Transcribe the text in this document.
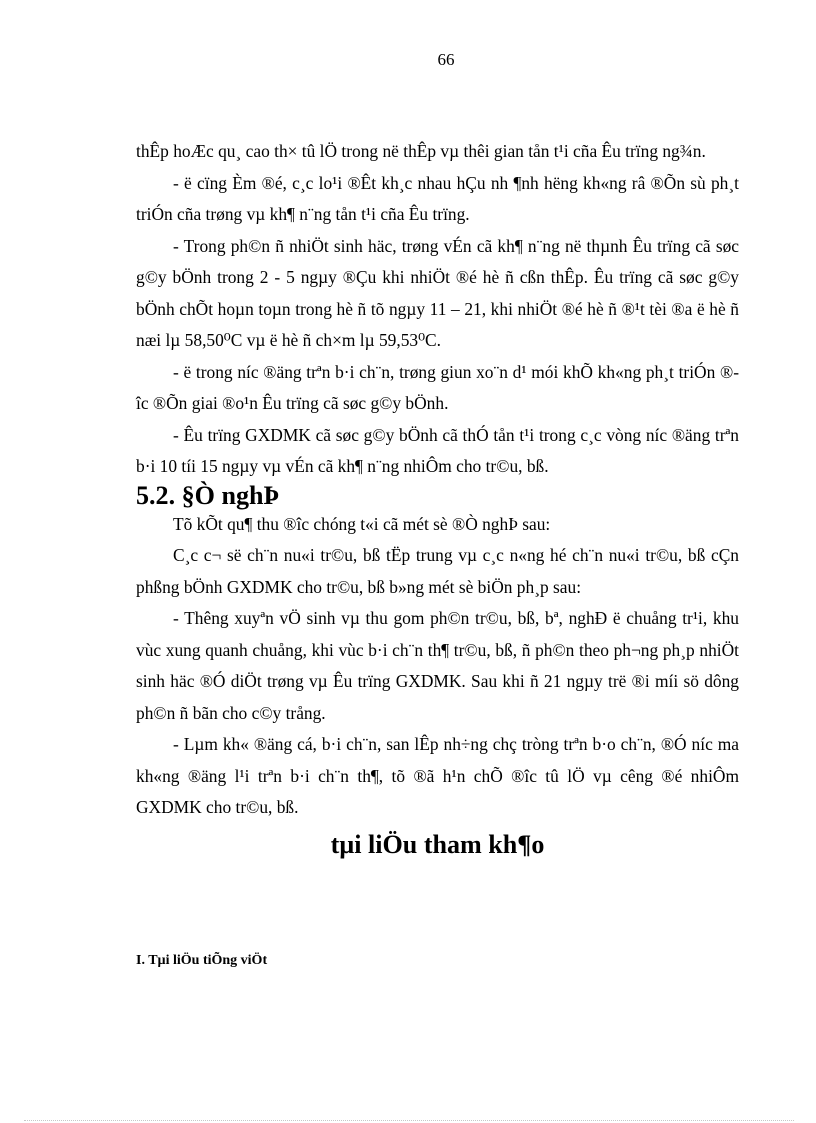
66

thÊp hoÆc qu¸ cao th× tû lÖ trong në thÊp vµ thêi gian tån t¹i cña Êu trïng ng¾n.

- ë cïng Èm ®é, c¸c lo¹i ®Êt kh¸c nhau hÇu nh ¶nh hëng kh«ng râ ®Õn sù ph¸t triÓn cña trøng vµ kh¶ n¨ng tån t¹i cña Êu trïng.

- Trong ph©n ñ nhiÖt sinh häc, trøng vÉn cã kh¶ n¨ng në thµnh Êu trïng cã søc g©y bÖnh trong 2 - 5 ngµy ®Çu khi nhiÖt ®é hè ñ cßn thÊp. Êu trïng cã søc g©y bÖnh chÕt hoµn toµn trong hè ñ tõ ngµy 11 – 21, khi nhiÖt ®é hè ñ ®¹t tèi ®a ë hè ñ næi lµ 58,50⁰C vµ ë hè ñ ch×m lµ 59,53⁰C.

- ë trong níc ®äng trªn b·i ch¨n, trøng giun xo¨n d¹ mói khÕ kh«ng ph¸t triÓn ®îc ®Õn giai ®o¹n Êu trïng cã søc g©y bÖnh.

- Êu trïng GXDMK cã søc g©y bÖnh cã thÓ tån t¹i trong c¸c vòng níc ®äng trªn b·i 10 tíi 15 ngµy vµ vÉn cã kh¶ n¨ng nhiÔm cho tr©u, bß.

5.2. §Ò nghÞ

Tõ kÕt qu¶ thu ®îc chóng t«i cã mét sè ®Ò nghÞ sau:

C¸c c¬ së ch¨n nu«i tr©u, bß tËp trung vµ c¸c n«ng hé ch¨n nu«i tr©u, bß cÇn phßng bÖnh GXDMK cho tr©u, bß b»ng mét sè biÖn ph¸p sau:

- Thêng xuyªn vÖ sinh vµ thu gom ph©n tr©u, bß, bª, nghÐ ë chuång tr¹i, khu vùc xung quanh chuång, khi vùc b·i ch¨n th¶ tr©u, bß, ñ ph©n theo ph¬ng ph¸p nhiÖt sinh häc ®Ó diÖt trøng vµ Êu trïng GXDMK. Sau khi ñ 21 ngµy trë ®i míi sö dông ph©n ñ bãn cho c©y trång.

- Lµm kh« ®äng cá, b·i ch¨n, san lÊp nh÷ng chç tròng trªn b·o ch¨n, ®Ó níc ma kh«ng ®äng l¹i trªn b·i ch¨n th¶, tõ ®ã h¹n chÕ ®îc tû lÖ vµ cêng ®é nhiÔm GXDMK cho tr©u, bß.

tµi liÖu tham kh¶o
I. Tµi liÖu tiÕng viÖt
